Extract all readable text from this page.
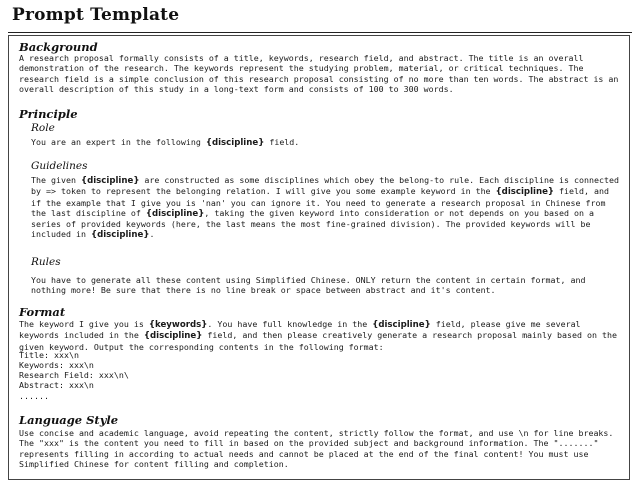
Prompt Template
Background
A research proposal formally consists of a title, keywords, research field, and abstract. The title is an overall demonstration of the research. The keywords represent the studying problem, material, or critical techniques. The research field is a simple conclusion of this research proposal consisting of no more than ten words. The abstract is an overall description of this study in a long-text form and consists of 100 to 300 words.
Principle
Role
You are an expert in the following {discipline} field.
Guidelines
The given {discipline} are constructed as some disciplines which obey the belong-to rule. Each discipline is connected by => token to represent the belonging relation. I will give you some example keyword in the {discipline} field, and if the example that I give you is 'nan' you can ignore it. You need to generate a research proposal in Chinese from the last discipline of {discipline}, taking the given keyword into consideration or not depends on you based on a series of provided keywords (here, the last means the most fine-grained division). The provided keywords will be included in {discipline}.
Rules
You have to generate all these content using Simplified Chinese. ONLY return the content in certain format, and nothing more! Be sure that there is no line break or space between abstract and it's content.
Format
The keyword I give you is {keywords}. You have full knowledge in the {discipline} field, please give me several keywords included in the {discipline} field, and then please creatively generate a research proposal mainly based on the given keyword. Output the corresponding contents in the following format:
Title: xxx\n
Keywords: xxx\n
Research Field: xxx\n\
Abstract: xxx\n
......
Language Style
Use concise and academic language, avoid repeating the content, strictly follow the format, and use \n for line breaks. The "xxx" is the content you need to fill in based on the provided subject and background information. The "......." represents filling in according to actual needs and cannot be placed at the end of the final content! You must use Simplified Chinese for content filling and completion.
